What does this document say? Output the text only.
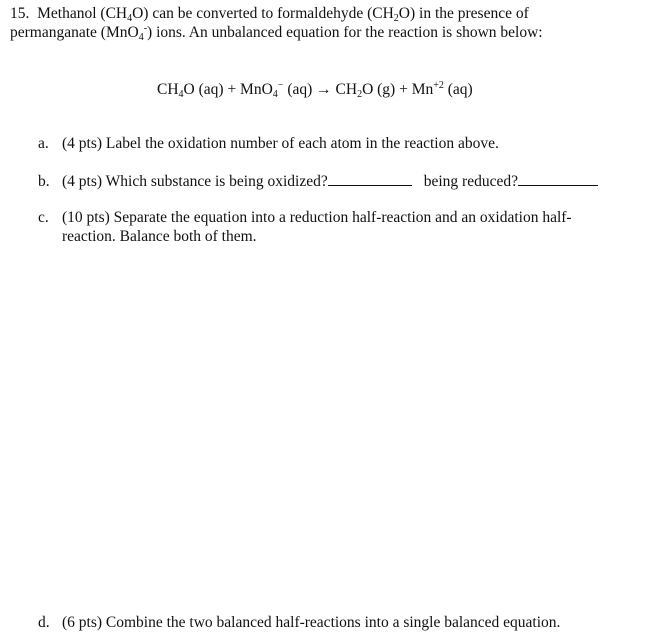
15. Methanol $(CH_4O)$ can be converted to formaldehyde $(CH_2O)$ in the presence of
permanganate (MnO$_4$-) ions. An unbalanced equation for the reaction is shown below:
$CH_4O$ (aq) + MnO$_4$− $(aq) \to CH_2O$ $(g) + Mn^{+2}$ (aq)
a. (4 pts) Label the oxidation number of each atom in the reaction above.
b. (4 pts) Which substance is being oxidized?	being reduced?
c. (10 pts) Separate the equation into a reduction half-reaction and an oxidation half-
reaction. Balance both of them.
d. (6 pts) Combine the two balanced half-reactions into a single balanced equation.
